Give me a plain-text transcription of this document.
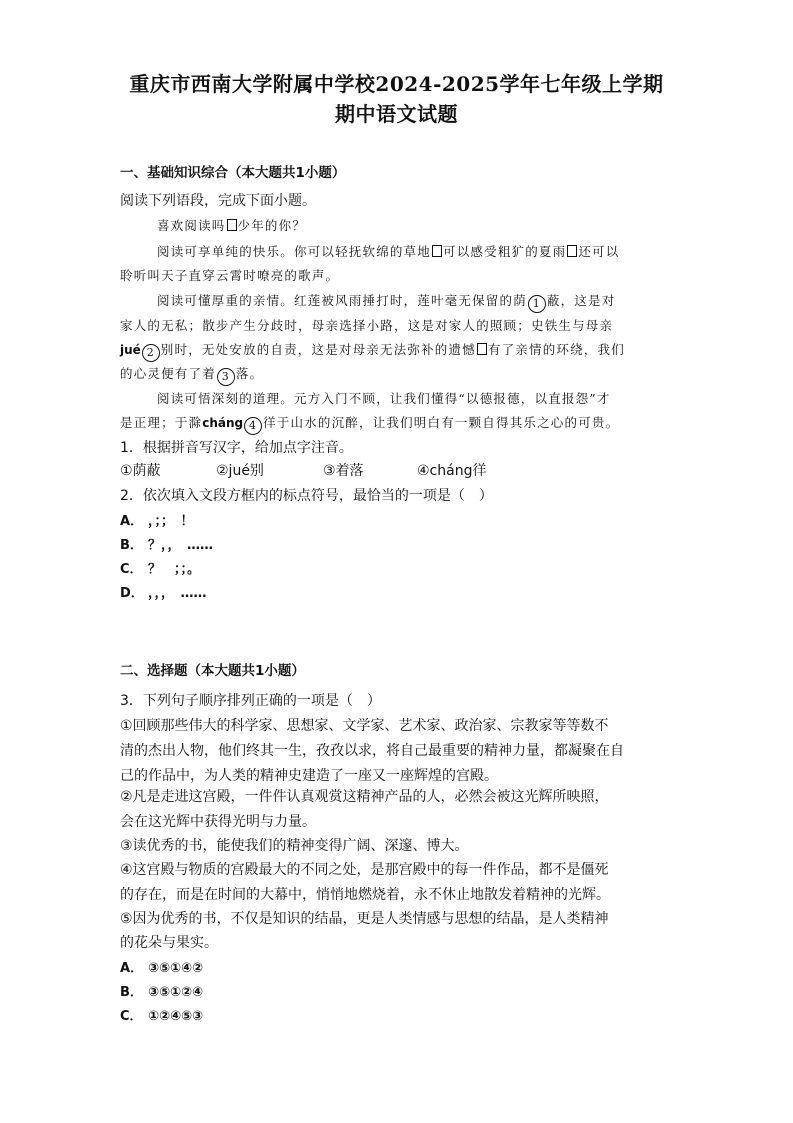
重庆市西南大学附属中学校2024-2025学年七年级上学期
期中语文试题
一、基础知识综合（本大题共1小题）
阅读下列语段，完成下面小题。
喜欢阅读吗 少年的你？
阅读可享单纯的快乐。你可以轻抚软绵的草地 可以感受粗犷的夏雨 还可以
聆听叫天子直穿云霄时嘹亮的歌声。
阅读可懂厚重的亲情。红莲被风雨捶打时，莲叶毫无保留的荫 1 蔽，这是对
家人的无私；散步产生分歧时，母亲选择小路，这是对家人的照顾；史铁生与母亲
jué 2 别时，无处安放的自责，这是对母亲无法弥补的遗憾 有了亲情的环绕，我们
的心灵便有了着 3 落。
阅读可悟深刻的道理。元方入门不顾，让我们懂得“以德报德，以直报怨”才
是正理；于滁cháng 4 徉于山水的沉醉，让我们明白有一颗自得其乐之心的可贵。
1．根据拼音写汉字，给加点字注音。
①荫蔽	②jué别	③着落	④cháng徉
2．依次填入文段方框内的标点符号，最恰当的一项是（　）
A． ，；；　！
B． ？，，　……
C． ？　；；。
D． ，，，　……
二、选择题（本大题共1小题）
3．下列句子顺序排列正确的一项是（　）
①回顾那些伟大的科学家、思想家、文学家、艺术家、政治家、宗教家等等数不
清的杰出人物，他们终其一生，孜孜以求，将自己最重要的精神力量，都凝聚在自
己的作品中，为人类的精神史建造了一座又一座辉煌的宫殿。
②凡是走进这宫殿，一件件认真观赏这精神产品的人，必然会被这光辉所映照，
会在这光辉中获得光明与力量。
③读优秀的书，能使我们的精神变得广阔、深邃、博大。
④这宫殿与物质的宫殿最大的不同之处，是那宫殿中的每一件作品，都不是僵死
的存在，而是在时间的大幕中，悄悄地燃烧着，永不休止地散发着精神的光辉。
⑤因为优秀的书，不仅是知识的结晶，更是人类情感与思想的结晶，是人类精神
的花朵与果实。
A． ③⑤①④②
B． ③⑤①②④
C． ①②④⑤③
